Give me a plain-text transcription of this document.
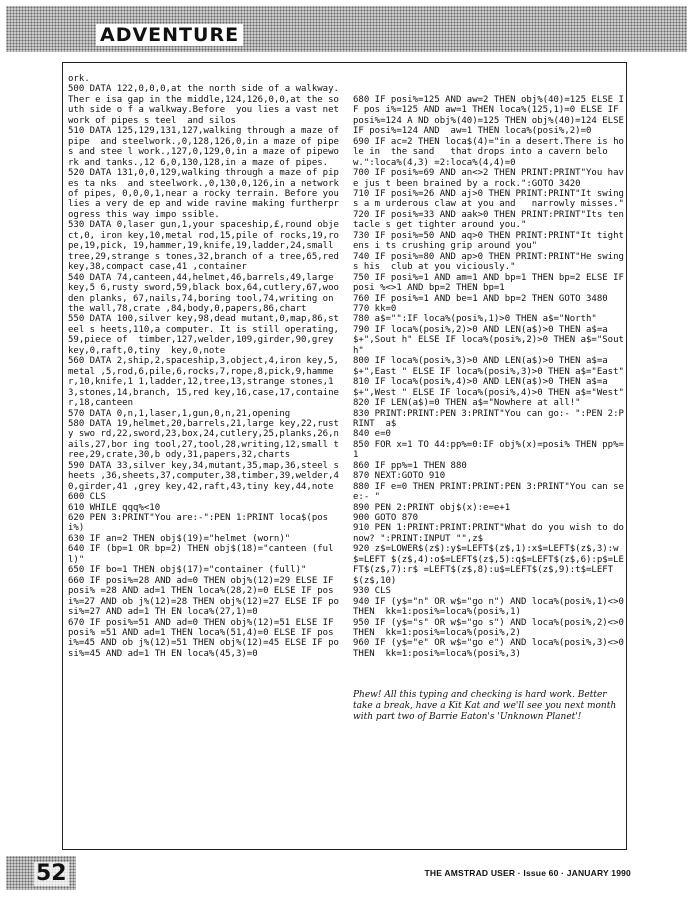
ADVENTURE
ork.
500 DATA 122,0,0,0,at the north side of a walkway. Ther e isa gap in the middle,124,126,0,0,at the south side o f a walkway.Before  you lies a vast network of pipes s teel  and silos
510 DATA 125,129,131,127,walking through a maze of pipe  and steelwork.,0,128,126,0,in a maze of pipes and stee l work.,127,0,129,0,in a maze of pipework and tanks.,12 6,0,130,128,in a maze of pipes.
520 DATA 131,0,0,129,walking through a maze of pipes ta nks  and steelwork.,0,130,0,126,in a network of pipes, 0,0,0,1,near a rocky terrain. Before you lies a very de ep and wide ravine making furtherprogress this way impo ssible.
530 DATA 0,laser gun,1,your spaceship,£,round object,0, iron key,10,metal rod,15,pile of rocks,19,rope,19,pick, 19,hammer,19,knife,19,ladder,24,small tree,29,strange s tones,32,branch of a tree,65,red key,38,compact case,41 ,container
540 DATA 74,canteen,44,helmet,46,barrels,49,large key,5 6,rusty sword,59,black box,64,cutlery,67,wooden planks, 67,nails,74,boring tool,74,writing on the wall,78,crate ,84,body,0,papers,86,chart
550 DATA 100,silver key,98,dead mutant,0,map,86,steel s heets,110,a computer. It is still operating,59,piece of  timber,127,welder,109,girder,90,grey key,0,raft,0,tiny  key,0,note
560 DATA 2,ship,2,spaceship,3,object,4,iron key,5,metal ,5,rod,6,pile,6,rocks,7,rope,8,pick,9,hammer,10,knife,1 1,ladder,12,tree,13,strange stones,13,stones,14,branch, 15,red key,16,case,17,container,18,canteen
570 DATA 0,n,1,laser,1,gun,0,n,21,opening
580 DATA 19,helmet,20,barrels,21,large key,22,rusty swo rd,22,sword,23,box,24,cutlery,25,planks,26,nails,27,bor ing tool,27,tool,28,writing,12,small tree,29,crate,30,b ody,31,papers,32,charts
590 DATA 33,silver key,34,mutant,35,map,36,steel sheets ,36,sheets,37,computer,38,timber,39,welder,40,girder,41 ,grey key,42,raft,43,tiny key,44,note
600 CLS
610 WHILE qqq%<10
620 PEN 3:PRINT"You are:-":PEN 1:PRINT loca$(posi%)
630 IF an=2 THEN obj$(19)="helmet (worn)"
640 IF (bp=1 OR bp=2) THEN obj$(18)="canteen (full)"
650 IF bo=1 THEN obj$(17)="container (full)"
660 IF posi%=28 AND ad=0 THEN obj%(12)=29 ELSE IF posi% =28 AND ad=1 THEN loca%(28,2)=0 ELSE IF posi%=27 AND ob j%(12)=28 THEN obj%(12)=27 ELSE IF posi%=27 AND ad=1 TH EN loca%(27,1)=0
670 IF posi%=51 AND ad=0 THEN obj%(12)=51 ELSE IF posi% =51 AND ad=1 THEN loca%(51,4)=0 ELSE IF posi%=45 AND ob j%(12)=51 THEN obj%(12)=45 ELSE IF posi%=45 AND ad=1 TH EN loca%(45,3)=0

680 IF posi%=125 AND aw=2 THEN obj%(40)=125 ELSE IF pos i%=125 AND aw=1 THEN loca%(125,1)=0 ELSE IF posi%=124 A ND obj%(40)=125 THEN obj%(40)=124 ELSE IF posi%=124 AND  aw=1 THEN loca%(posi%,2)=0
690 IF ac=2 THEN loca$(4)="in a desert.There is hole in  the sand   that drops into a cavern below.":loca%(4,3) =2:loca%(4,4)=0
700 IF posi%=69 AND an<>2 THEN PRINT:PRINT"You have jus t been brained by a rock.":GOTO 3420
710 IF posi%=26 AND aj>0 THEN PRINT:PRINT"It swings a m urderous claw at you and   narrowly misses."
720 IF posi%=33 AND aak>0 THEN PRINT:PRINT"Its tentacle s get tighter around you."
730 IF posi%=50 AND aq>0 THEN PRINT:PRINT"It tightens i ts crushing grip around you"
740 IF posi%=80 AND ap>0 THEN PRINT:PRINT"He swings his  club at you viciously."
750 IF posi%=1 AND am=1 AND bp=1 THEN bp=2 ELSE IF posi %<>1 AND bp=2 THEN bp=1
760 IF posi%=1 AND be=1 AND bp=2 THEN GOTO 3480
770 kk=0
780 a$="":IF loca%(posi%,1)>0 THEN a$="North"
790 IF loca%(posi%,2)>0 AND LEN(a$)>0 THEN a$=a$+",Sout h" ELSE IF loca%(posi%,2)>0 THEN a$="South"
800 IF loca%(posi%,3)>0 AND LEN(a$)>0 THEN a$=a$+",East " ELSE IF loca%(posi%,3)>0 THEN a$="East"
810 IF loca%(posi%,4)>0 AND LEN(a$)>0 THEN a$=a$+",West " ELSE IF loca%(posi%,4)>0 THEN a$="West"
820 IF LEN(a$)=0 THEN a$="Nowhere at all!"
830 PRINT:PRINT:PEN 3:PRINT"You can go:- ":PEN 2:PRINT  a$
840 e=0
850 FOR x=1 TO 44:pp%=0:IF obj%(x)=posi% THEN pp%=1
860 IF pp%=1 THEN 880
870 NEXT:GOTO 910
880 IF e=0 THEN PRINT:PRINT:PEN 3:PRINT"You can see:- "
890 PEN 2:PRINT obj$(x):e=e+1
900 GOTO 870
910 PEN 1:PRINT:PRINT:PRINT"What do you wish to do now? ":PRINT:INPUT "",z$
920 z$=LOWER$(z$):y$=LEFT$(z$,1):x$=LEFT$(z$,3):w$=LEFT $(z$,4):o$=LEFT$(z$,5):q$=LEFT$(z$,6):p$=LEFT$(z$,7):r$ =LEFT$(z$,8):u$=LEFT$(z$,9):t$=LEFT$(z$,10)
930 CLS
940 IF (y$="n" OR w$="go n") AND loca%(posi%,1)<>0 THEN  kk=1:posi%=loca%(posi%,1)
950 IF (y$="s" OR w$="go s") AND loca%(posi%,2)<>0 THEN  kk=1:posi%=loca%(posi%,2)
960 IF (y$="e" OR w$="go e") AND loca%(posi%,3)<>0 THEN  kk=1:posi%=loca%(posi%,3)

Phew! All this typing and checking is hard work. Better take a break, have a Kit Kat and we'll see you next month with part two of Barrie Eaton's 'Unknown Planet'!

52	THE AMSTRAD USER · Issue 60 · JANUARY 1990
